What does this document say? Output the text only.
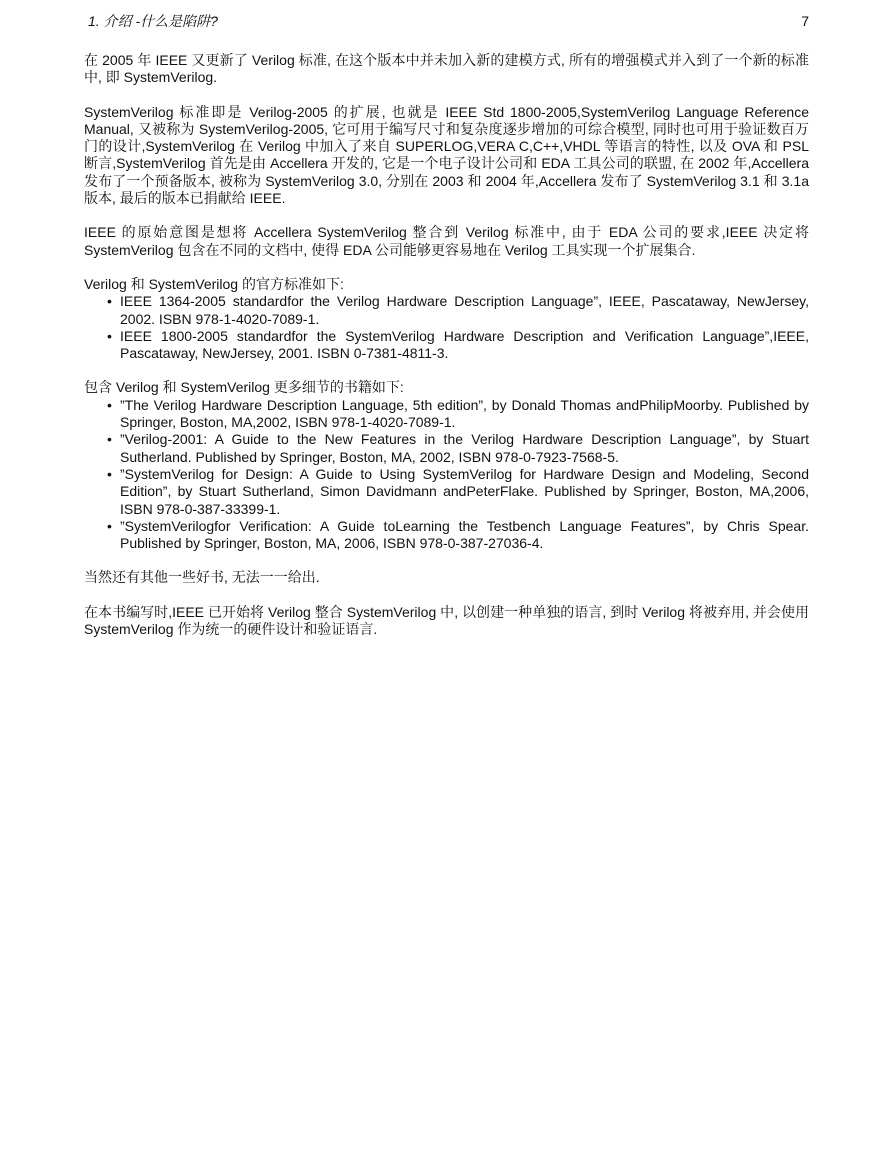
1. 介绍 -什么是陷阱?	7

在 2005 年 IEEE 又更新了 Verilog 标准, 在这个版本中并未加入新的建模方式, 所有的增强模式并入到了一个新的标准中, 即 SystemVerilog.

SystemVerilog 标准即是 Verilog-2005 的扩展, 也就是 IEEE Std 1800-2005,SystemVerilog Language Reference Manual, 又被称为 SystemVerilog-2005, 它可用于编写尺寸和复杂度逐步增加的可综合模型, 同时也可用于验证数百万门的设计,SystemVerilog 在 Verilog 中加入了来自 SUPERLOG,VERA C,C++,VHDL 等语言的特性, 以及 OVA 和 PSL 断言,SystemVerilog 首先是由 Accellera 开发的, 它是一个电子设计公司和 EDA 工具公司的联盟, 在 2002 年,Accellera 发布了一个预备版本, 被称为 SystemVerilog 3.0, 分别在 2003 和 2004 年,Accellera 发布了 SystemVerilog 3.1 和 3.1a 版本, 最后的版本已捐献给 IEEE.

IEEE 的原始意图是想将 Accellera SystemVerilog 整合到 Verilog 标准中, 由于 EDA 公司的要求,IEEE 决定将 SystemVerilog 包含在不同的文档中, 使得 EDA 公司能够更容易地在 Verilog 工具实现一个扩展集合.

Verilog 和 SystemVerilog 的官方标准如下:

• IEEE 1364-2005 standardfor the Verilog Hardware Description Language”, IEEE, Pascataway, NewJersey, 2002. ISBN 978-1-4020-7089-1.
• IEEE 1800-2005 standardfor the SystemVerilog Hardware Description and Verification Language”,IEEE, Pascataway, NewJersey, 2001. ISBN 0-7381-4811-3.

包含 Verilog 和 SystemVerilog 更多细节的书籍如下:

• ”The Verilog Hardware Description Language, 5th edition”, by Donald Thomas andPhilipMoorby. Published by Springer, Boston, MA,2002, ISBN 978-1-4020-7089-1.
• ”Verilog-2001: A Guide to the New Features in the Verilog Hardware Description Language”, by Stuart Sutherland. Published by Springer, Boston, MA, 2002, ISBN 978-0-7923-7568-5.
• ”SystemVerilog for Design: A Guide to Using SystemVerilog for Hardware Design and Modeling, Second Edition”, by Stuart Sutherland, Simon Davidmann andPeterFlake. Published by Springer, Boston, MA,2006, ISBN 978-0-387-33399-1.
• ”SystemVerilogfor Verification: A Guide toLearning the Testbench Language Features”, by Chris Spear. Published by Springer, Boston, MA, 2006, ISBN 978-0-387-27036-4.

当然还有其他一些好书, 无法一一给出.

在本书编写时,IEEE 已开始将 Verilog 整合 SystemVerilog 中, 以创建一种单独的语言, 到时 Verilog 将被弃用, 并会使用 SystemVerilog 作为统一的硬件设计和验证语言.
